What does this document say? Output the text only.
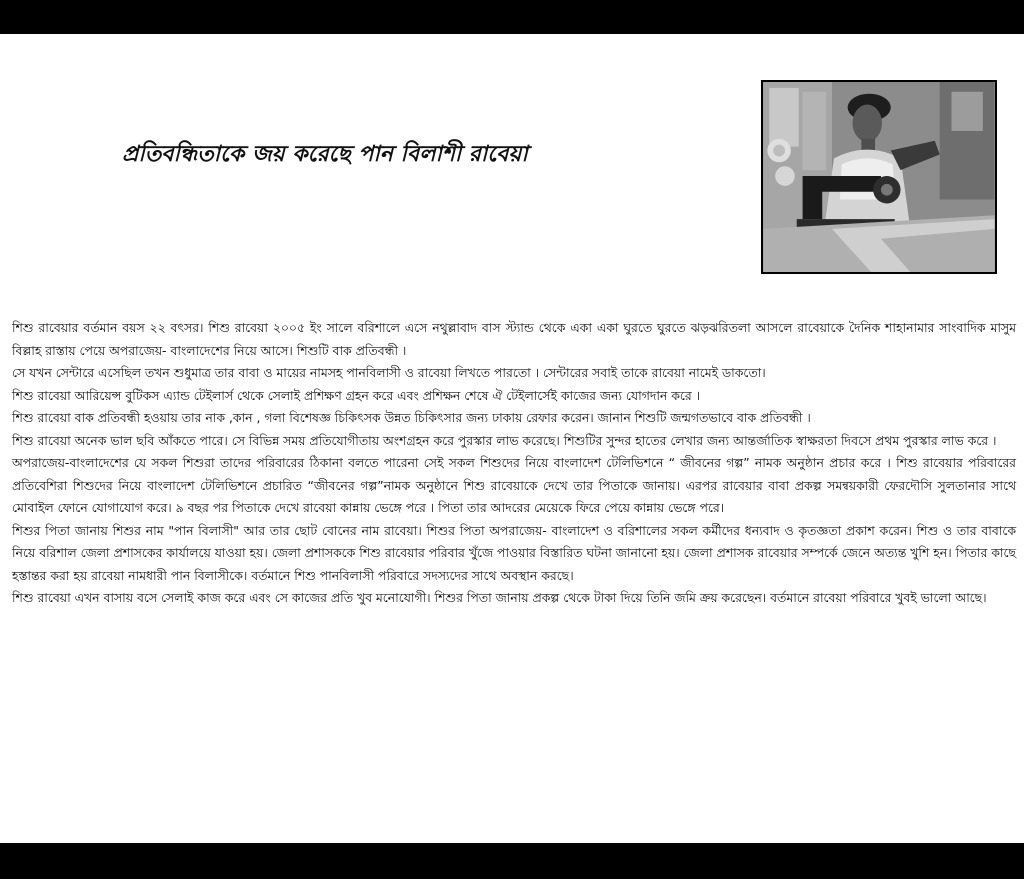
প্রতিবন্ধিতাকে জয় করেছে পান বিলাশী রাবেয়া

শিশু রাবেয়ার বর্তমান বয়স ২২ বৎসর। শিশু রাবেয়া ২০০৫ ইং সালে বরিশালে এসে নথুল্লাবাদ বাস স্ট্যান্ড থেকে একা একা ঘুরতে ঘুরতে ঝড়ঝরিতলা আসলে রাবেয়াকে দৈনিক শাহানামার সাংবাদিক মাসুম বিল্লাহ রাস্তায় পেয়ে অপরাজেয়- বাংলাদেশের নিয়ে আসে। শিশুটি বাক প্রতিবন্ধী ।

সে যখন সেন্টারে এসেছিল তখন শুধুমাত্র তার বাবা ও মায়ের নামসহ পানবিলাসী ও রাবেয়া লিখতে পারতো । সেন্টারের সবাই তাকে রাবেয়া নামেই ডাকতো।

শিশু রাবেয়া আরিয়েন্স বুটিকস এ্যান্ড টেইলার্স থেকে সেলাই প্রশিক্ষণ গ্রহন করে এবং প্রশিক্ষন শেষে ঐ টেইলার্সেই কাজের জন্য যোগদান করে ।

শিশু রাবেয়া বাক প্রতিবন্ধী হওয়ায় তার নাক ,কান , গলা বিশেষজ্ঞ চিকিৎসক উন্নত চিকিৎসার জন্য ঢাকায় রেফার করেন। জানান শিশুটি জন্মগতভাবে বাক প্রতিবন্ধী ।

শিশু রাবেয়া অনেক ভাল ছবি আঁকতে পারে। সে বিভিন্ন সময় প্রতিযোগীতায় অংশগ্রহন করে পুরস্কার লাভ করেছে। শিশুটির সুন্দর হাতের লেখার জন্য আন্তর্জাতিক স্বাক্ষরতা দিবসে প্রথম পুরস্কার লাভ করে ।

অপরাজেয়-বাংলাদেশের যে সকল শিশুরা তাদের পরিবারের ঠিকানা বলতে পারেনা সেই সকল শিশুদের নিয়ে বাংলাদেশ টেলিভিশনে “ জীবনের গল্প” নামক অনুষ্ঠান প্রচার করে । শিশু রাবেয়ার পরিবারের প্রতিবেশিরা শিশুদের নিয়ে বাংলাদেশ টেলিভিশনে প্রচারিত “জীবনের গল্প”নামক অনুষ্ঠানে শিশু রাবেয়াকে দেখে তার পিতাকে জানায়। এরপর রাবেয়ার বাবা প্রকল্প সমন্বয়কারী ফেরদৌসি সুলতানার সাথে মোবাইল ফোনে যোগাযোগ করে। ৯ বছর পর পিতাকে দেখে রাবেয়া কান্নায় ভেঙ্গে পরে । পিতা তার আদরের মেয়েকে ফিরে পেয়ে কান্নায় ভেঙ্গে পরে।

শিশুর পিতা জানায় শিশুর নাম "পান বিলাসী" আর তার ছোট বোনের নাম রাবেয়া। শিশুর পিতা অপরাজেয়- বাংলাদেশ ও বরিশালের সকল কর্মীদের ধন্যবাদ ও কৃতজ্ঞতা প্রকাশ করেন। শিশু ও তার বাবাকে নিয়ে বরিশাল জেলা প্রশাসকের কার্যালয়ে যাওয়া হয়। জেলা প্রশাসককে শিশু রাবেয়ার পরিবার খুঁজে পাওয়ার বিস্তারিত ঘটনা জানানো হয়। জেলা প্রশাসক রাবেয়ার সম্পর্কে জেনে অত্যন্ত খুশি হন। পিতার কাছে হস্তান্তর করা হয় রাবেয়া নামধারী পান বিলাসীকে। বর্তমানে শিশু পানবিলাসী পরিবারে সদস্যদের সাথে অবস্থান করছে।

শিশু রাবেয়া এখন বাসায় বসে সেলাই কাজ করে এবং সে কাজের প্রতি খুব মনোযোগী। শিশুর পিতা জানায় প্রকল্প থেকে টাকা দিয়ে তিনি জমি ক্রয় করেছেন। বর্তমানে রাবেয়া পরিবারে খুবই ভালো আছে।
